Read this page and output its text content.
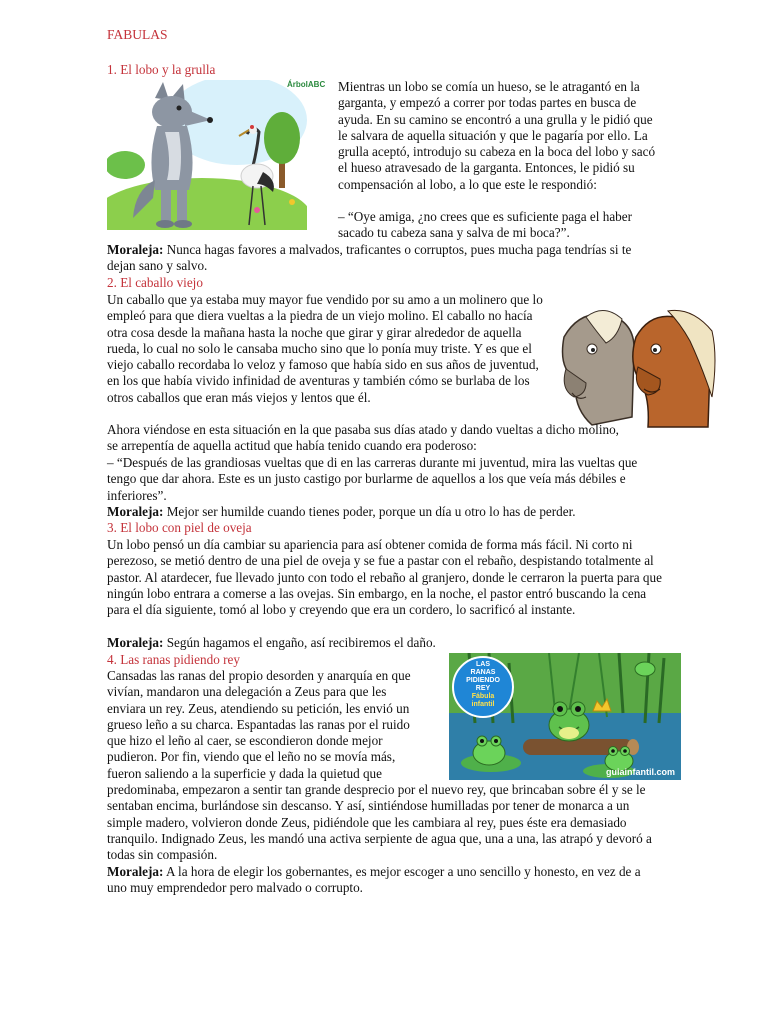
FABULAS
1. El lobo y la grulla
ÁrbolABC Mientras un lobo se comía un hueso, se le atragantó en la garganta, y empezó a correr por todas partes en busca de ayuda. En su camino se encontró a una grulla y le pidió que le salvara de aquella situación y que le pagaría por ello. La grulla aceptó, introdujo su cabeza en la boca del lobo y sacó el hueso atravesado de la garganta. Entonces, le pidió su compensación al lobo, a lo que este le respondió:

– “Oye amiga, ¿no crees que es suficiente paga el haber sacado tu cabeza sana y salva de mi boca?”.

Moraleja: Nunca hagas favores a malvados, traficantes o corruptos, pues mucha paga tendrías si te dejan sano y salvo.

2. El caballo viejo

Un caballo que ya estaba muy mayor fue vendido por su amo a un molinero que lo empleó para que diera vueltas a la piedra de un viejo molino. El caballo no hacía otra cosa desde la mañana hasta la noche que girar y girar alrededor de aquella rueda, lo cual no solo le cansaba mucho sino que lo ponía muy triste. Y es que el viejo caballo recordaba lo veloz y famoso que había sido en sus años de juventud, en los que había vivido infinidad de aventuras y también cómo se burlaba de los otros caballos que eran más viejos y lentos que él.

Ahora viéndose en esta situación en la que pasaba sus días atado y dando vueltas a dicho molino, se arrepentía de aquella actitud que había tenido cuando era poderoso:

– “Después de las grandiosas vueltas que di en las carreras durante mi juventud, mira las vueltas que tengo que dar ahora. Este es un justo castigo por burlarme de aquellos a los que veía más débiles e inferiores”.

Moraleja: Mejor ser humilde cuando tienes poder, porque un día u otro lo has de perder.

3. El lobo con piel de oveja

Un lobo pensó un día cambiar su apariencia para así obtener comida de forma más fácil. Ni corto ni perezoso, se metió dentro de una piel de oveja y se fue a pastar con el rebaño, despistando totalmente al pastor. Al atardecer, fue llevado junto con todo el rebaño al granjero, donde le cerraron la puerta para que ningún lobo entrara a comerse a las ovejas. Sin embargo, en la noche, el pastor entró buscando la cena para el día siguiente, tomó al lobo y creyendo que era un cordero, lo sacrificó al instante.

Moraleja: Según hagamos el engaño, así recibiremos el daño.

4. Las ranas pidiendo rey	LAS
RANAS
PIDIENDO
REY
Fábula
infantil
guiainfantil.com

Cansadas las ranas del propio desorden y anarquía en que vivían, mandaron una delegación a Zeus para que les enviara un rey. Zeus, atendiendo su petición, les envió un grueso leño a su charca. Espantadas las ranas por el ruido que hizo el leño al caer, se escondieron donde mejor pudieron. Por fin, viendo que el leño no se movía más, fueron saliendo a la superficie y dada la quietud que predominaba, empezaron a sentir tan grande desprecio por el nuevo rey, que brincaban sobre él y se le sentaban encima, burlándose sin descanso. Y así, sintiéndose humilladas por tener de monarca a un simple madero, volvieron donde Zeus, pidiéndole que les cambiara al rey, pues éste era demasiado tranquilo. Indignado Zeus, les mandó una activa serpiente de agua que, una a una, las atrapó y devoró a todas sin compasión.

Moraleja: A la hora de elegir los gobernantes, es mejor escoger a uno sencillo y honesto, en vez de a uno muy emprendedor pero malvado o corrupto.
